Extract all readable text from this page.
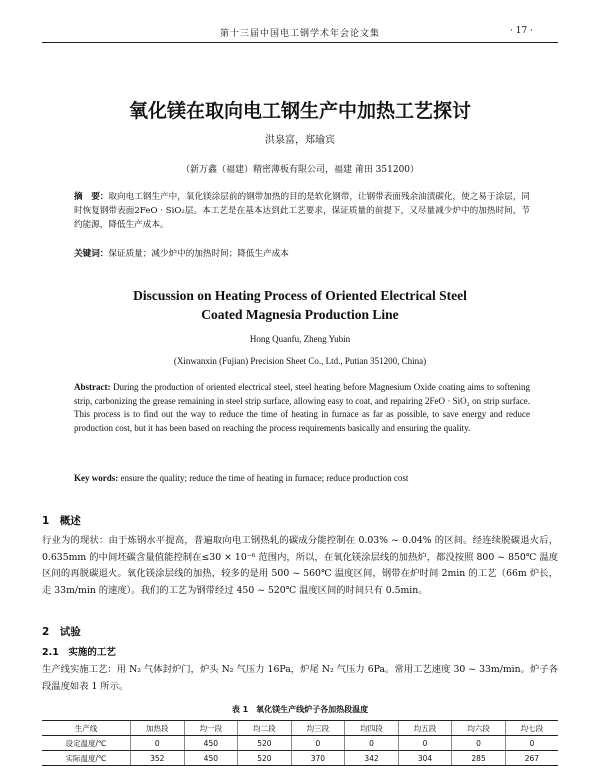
第十三届中国电工钢学术年会论文集	· 17 ·
氧化镁在取向电工钢生产中加热工艺探讨
洪泉富，郑瑜宾
（新万鑫（福建）精密薄板有限公司，福建 莆田 351200）
摘　要：取向电工钢生产中，氧化镁涂层前的钢带加热的目的是软化钢带，让钢带表面残余油渍碳化，使之易于涂层，同时恢复钢带表面2FeO · SiO₂层。本工艺是在基本达到此工艺要求，保证质量的前提下，又尽量减少炉中的加热时间，节约能源，降低生产成本。
关键词：保证质量；减少炉中的加热时间；降低生产成本
Discussion on Heating Process of Oriented Electrical Steel
Coated Magnesia Production Line
Hong Quanfu, Zheng Yubin
(Xinwanxin (Fujian) Precision Sheet Co., Ltd., Putian 351200, China)
Abstract: During the production of oriented electrical steel, steel heating before Magnesium Oxide coating aims to softening strip, carbonizing the grease remaining in steel strip surface, allowing easy to coat, and repairing 2FeO · SiO₂ on strip surface. This process is to find out the way to reduce the time of heating in furnace as far as possible, to save energy and reduce production cost, but it has been based on reaching the process requirements basically and ensuring the quality.
Key words: ensure the quality; reduce the time of heating in furnace; reduce production cost
1　概述
行业为的现状：由于炼钢水平提高，普遍取向电工钢热轧的碳成分能控制在 0.03% ~ 0.04% 的区间。经连续脱碳退火后，0.635mm 的中间坯碳含量值能控制在≤30 × 10⁻⁶ 范围内，所以，在氧化镁涂层线的加热炉，都没按照 800 ~ 850℃ 温度区间的再脱碳退火。氧化镁涂层线的加热，较多的是用 500 ~ 560℃ 温度区间，钢带在炉时间 2min 的工艺（66m 炉长，走 33m/min 的速度）。我们的工艺为钢带经过 450 ~ 520℃ 温度区间的时间只有 0.5min。
2　试验
2.1　实施的工艺
生产线实施工艺：用 N₂ 气体封炉门，炉头 N₂ 气压力 16Pa，炉尾 N₂ 气压力 6Pa。常用工艺速度 30 ~ 33m/min。炉子各段温度如表 1 所示。
表 1　氧化镁生产线炉子各加热段温度
生产线	加热段	均一段	均二段	均三段	均四段	均五段	均六段	均七段
设定温度/℃	0	450	520	0	0	0	0	0
实际温度/℃	352	450	520	370	342	304	285	267
